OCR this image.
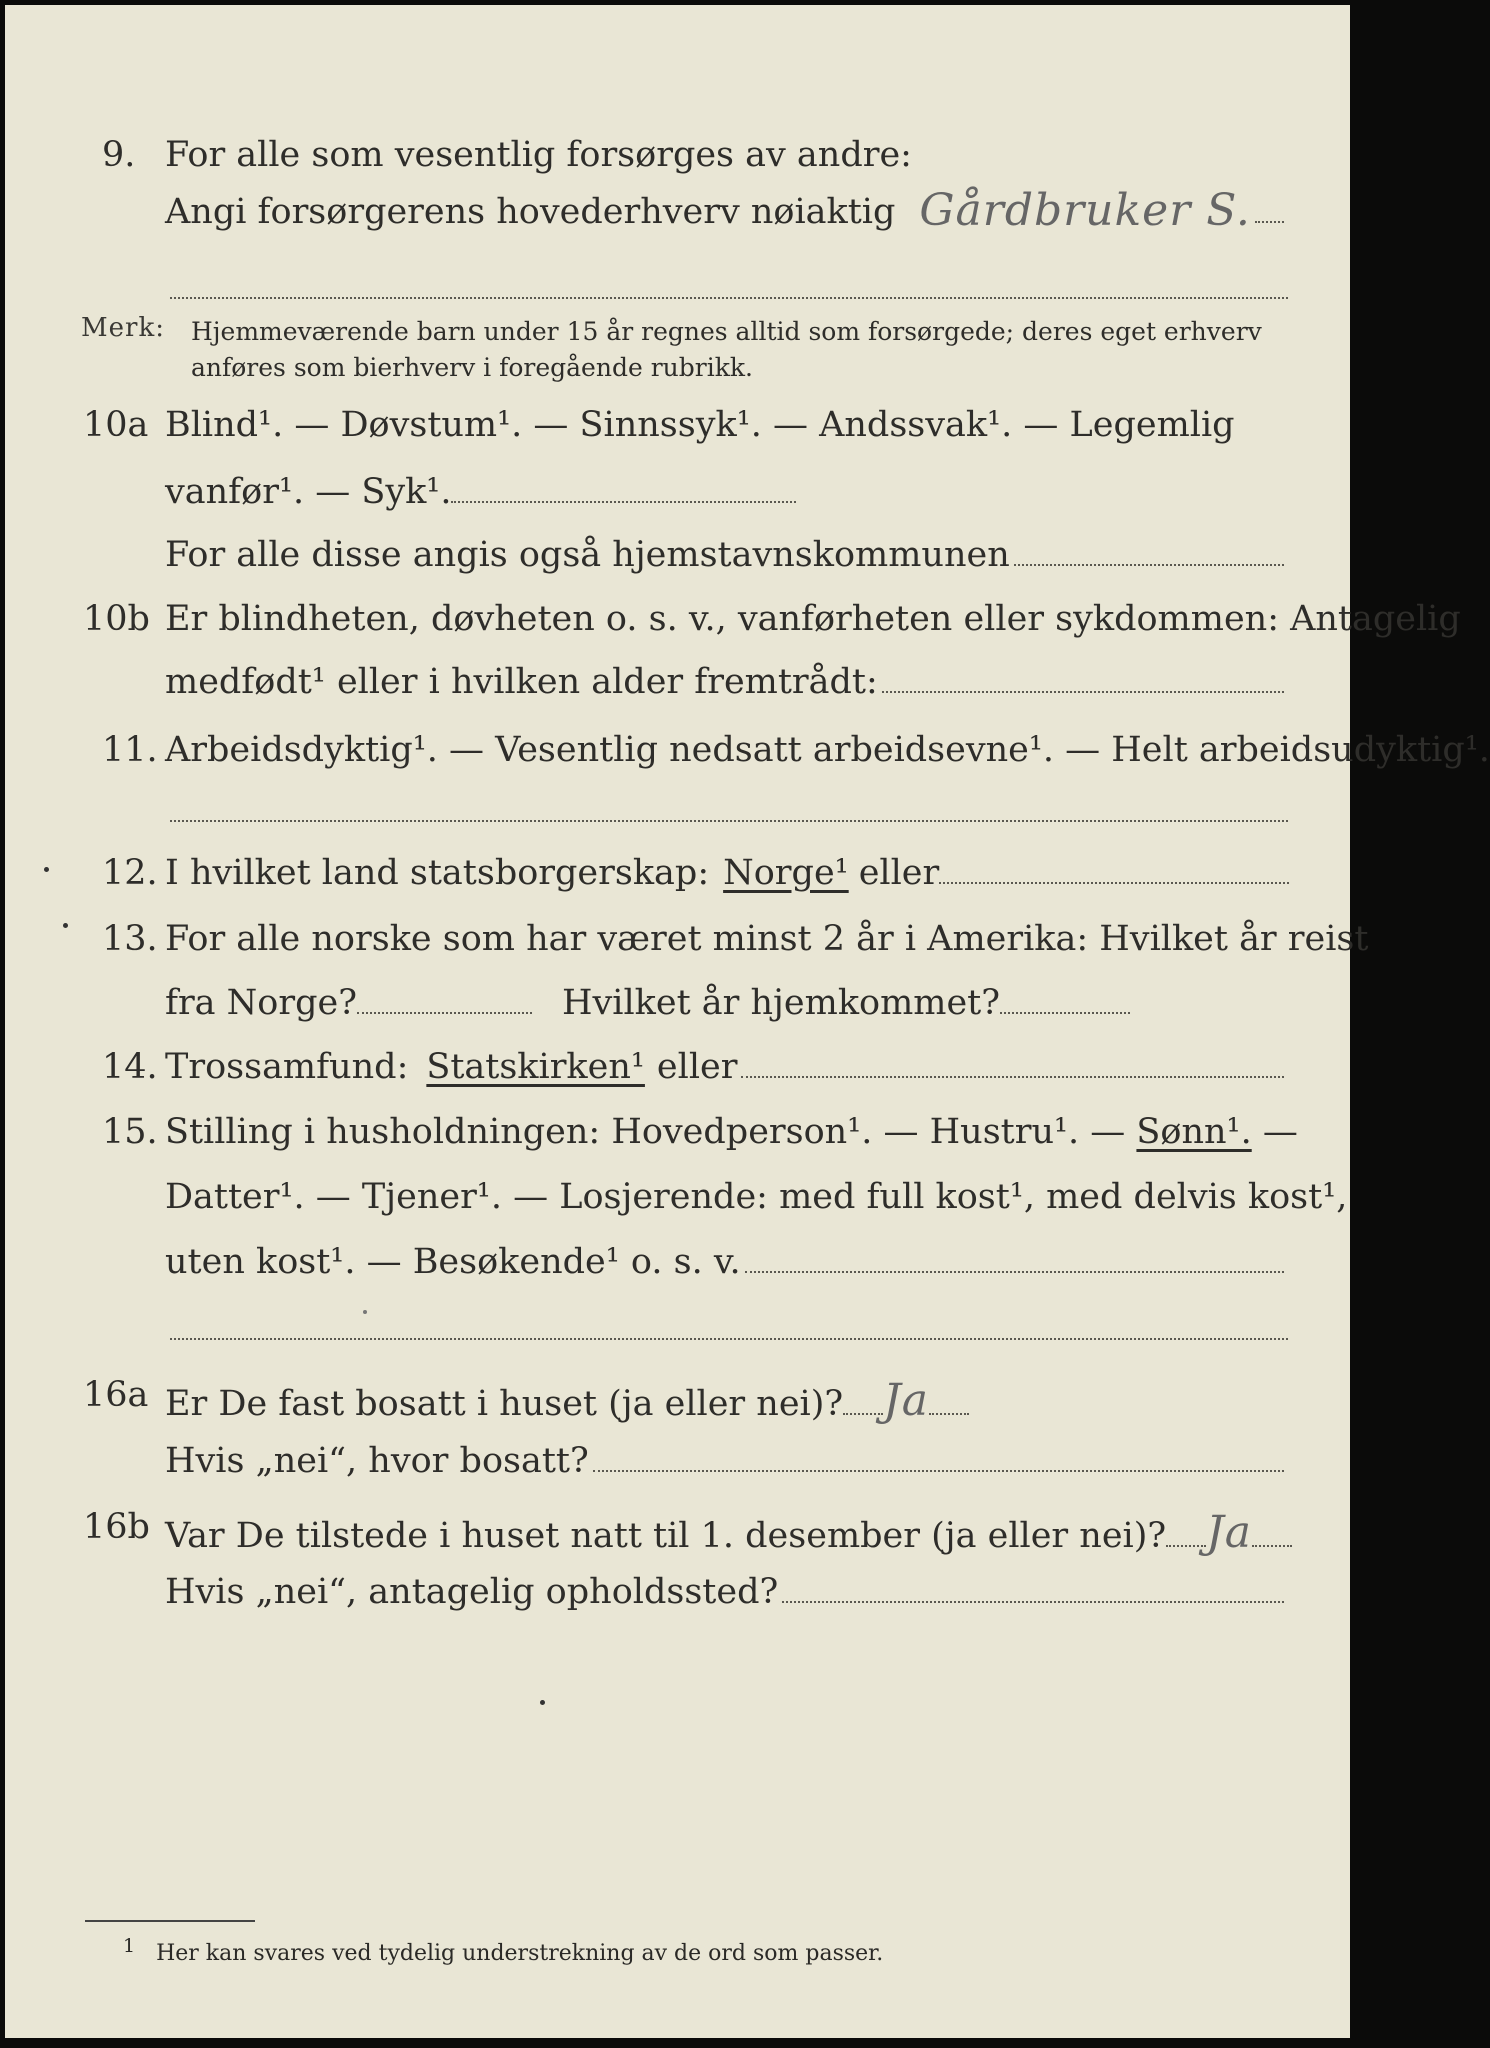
9. For alle som vesentlig forsørges av andre:
Angi forsørgerens hovederhverv nøiaktig Gårdbruker S.
Merk: Hjemmeværende barn under 15 år regnes alltid som forsørgede; deres eget erhverv
anføres som bierhverv i foregående rubrikk.
10a Blind¹. — Døvstum¹. — Sinnssyk¹. — Andssvak¹. — Legemlig
vanfør¹. — Syk¹.
For alle disse angis også hjemstavnskommunen
10b Er blindheten, døvheten o. s. v., vanførheten eller sykdommen: Antagelig
medfødt¹ eller i hvilken alder fremtrådt:
11. Arbeidsdyktig¹. — Vesentlig nedsatt arbeidsevne¹. — Helt arbeidsudyktig¹.
12. I hvilket land statsborgerskap: Norge¹ eller
13. For alle norske som har været minst 2 år i Amerika: Hvilket år reist
fra Norge?	Hvilket år hjemkommet?
14. Trossamfund: Statskirken¹ eller
15. Stilling i husholdningen: Hovedperson¹. — Hustru¹. — Sønn¹. —
Datter¹. — Tjener¹. — Losjerende: med full kost¹, med delvis kost¹,
uten kost¹. — Besøkende¹ o. s. v.
16a Er De fast bosatt i huset (ja eller nei)? Ja
Hvis „nei“, hvor bosatt?
16b Var De tilstede i huset natt til 1. desember (ja eller nei)? Ja
Hvis „nei“, antagelig opholdssted?
$^1$ Her kan svares ved tydelig understrekning av de ord som passer.
